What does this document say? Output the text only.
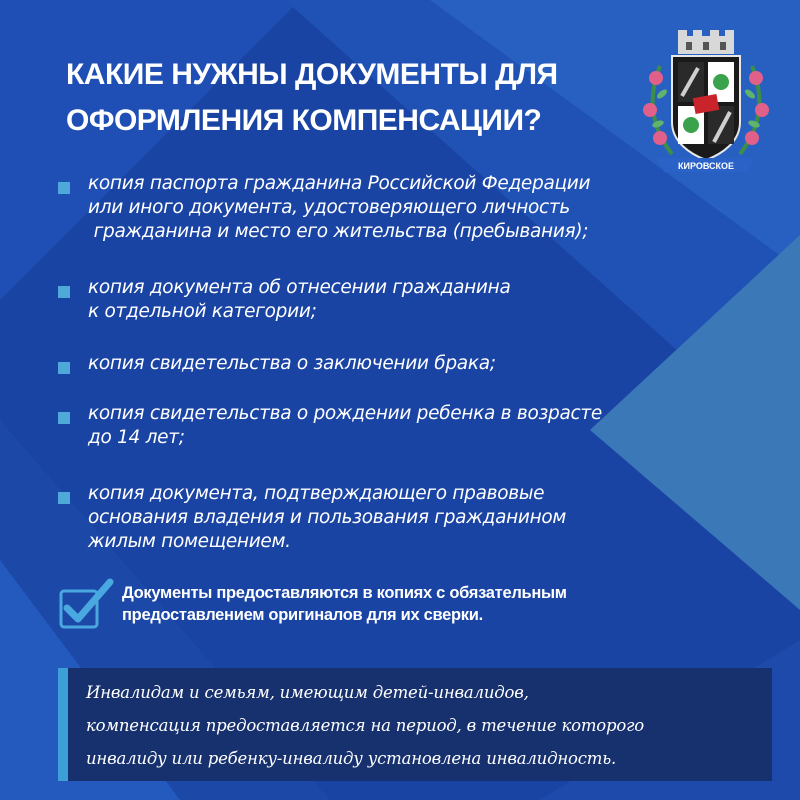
КАКИЕ НУЖНЫ ДОКУМЕНТЫ ДЛЯ
ОФОРМЛЕНИЯ КОМПЕНСАЦИИ?
КИРОВСКОЕ
копия паспорта гражданина Российской Федерации
или иного документа, удостоверяющего личность
гражданина и место его жительства (пребывания);
копия документа об отнесении гражданина
к отдельной категории;
копия свидетельства о заключении брака;
копия свидетельства о рождении ребенка в возрасте
до 14 лет;
копия документа, подтверждающего правовые
основания владения и пользования гражданином
жилым помещением.
Документы предоставляются в копиях с обязательным
предоставлением оригиналов для их сверки.
Инвалидам и семьям, имеющим детей-инвалидов,
компенсация предоставляется на период, в течение которого
инвалиду или ребенку-инвалиду установлена инвалидность.
